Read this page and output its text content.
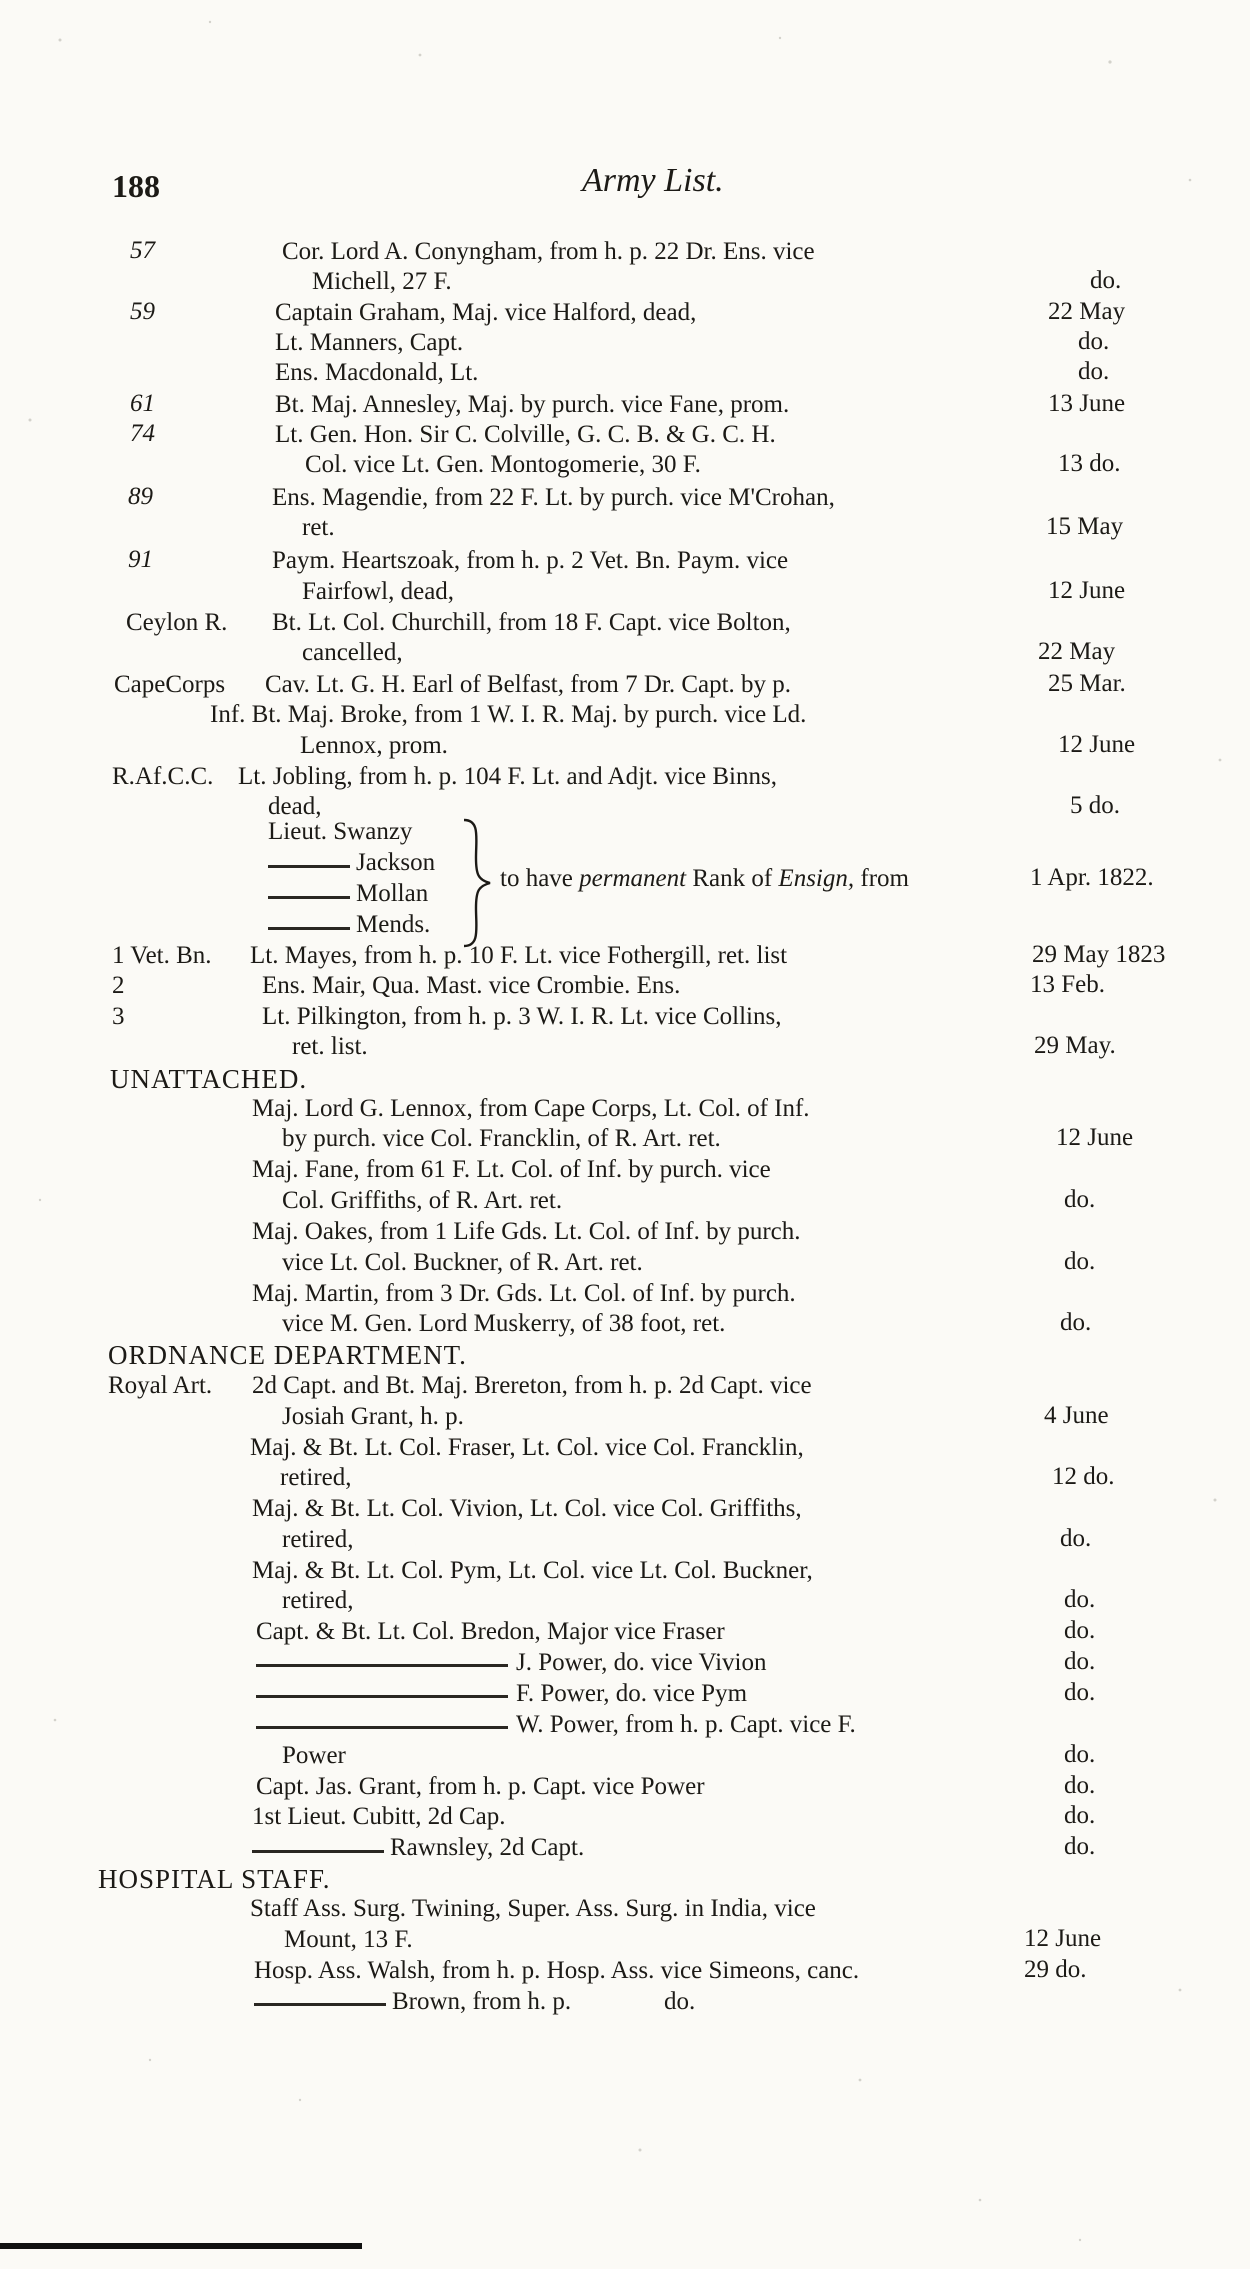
188	Army List.
57	Cor. Lord A. Conyngham, from h. p. 22 Dr. Ens. vice
Michell, 27 F.	do.
59	Captain Graham, Maj. vice Halford, dead,	22 May
Lt. Manners, Capt.	do.
Ens. Macdonald, Lt.	do.
61	Bt. Maj. Annesley, Maj. by purch. vice Fane, prom.	13 June
74	Lt. Gen. Hon. Sir C. Colville, G. C. B. & G. C. H.
Col. vice Lt. Gen. Montogomerie, 30 F.	13 do.
89	Ens. Magendie, from 22 F. Lt. by purch. vice M'Crohan,
ret.	15 May
91	Paym. Heartszoak, from h. p. 2 Vet. Bn. Paym. vice
Fairfowl, dead,	12 June
Ceylon R. Bt. Lt. Col. Churchill, from 18 F. Capt. vice Bolton,
cancelled,	22 May
CapeCorps Cav. Lt. G. H. Earl of Belfast, from 7 Dr. Capt. by p.	25 Mar.
Inf. Bt. Maj. Broke, from 1 W. I. R. Maj. by purch. vice Ld.
Lennox, prom.	12 June
R.Af.C.C. Lt. Jobling, from h. p. 104 F. Lt. and Adjt. vice Binns,
dead,	5 do.
Lieut. Swanzy
Jackson
Mollan
Mends.
to have permanent Rank of Ensign, from	1 Apr. 1822.
1 Vet. Bn. Lt. Mayes, from h. p. 10 F. Lt. vice Fothergill, ret. list	29 May 1823
2	Ens. Mair, Qua. Mast. vice Crombie. Ens.	13 Feb.
3	Lt. Pilkington, from h. p. 3 W. I. R. Lt. vice Collins,
ret. list.	29 May.
UNATTACHED.
Maj. Lord G. Lennox, from Cape Corps, Lt. Col. of Inf.
by purch. vice Col. Francklin, of R. Art. ret.	12 June
Maj. Fane, from 61 F. Lt. Col. of Inf. by purch. vice
Col. Griffiths, of R. Art. ret.	do.
Maj. Oakes, from 1 Life Gds. Lt. Col. of Inf. by purch.
vice Lt. Col. Buckner, of R. Art. ret.	do.
Maj. Martin, from 3 Dr. Gds. Lt. Col. of Inf. by purch.
vice M. Gen. Lord Muskerry, of 38 foot, ret.	do.
ORDNANCE DEPARTMENT.
Royal Art. 2d Capt. and Bt. Maj. Brereton, from h. p. 2d Capt. vice
Josiah Grant, h. p.	4 June
Maj. & Bt. Lt. Col. Fraser, Lt. Col. vice Col. Francklin,
retired,	12 do.
Maj. & Bt. Lt. Col. Vivion, Lt. Col. vice Col. Griffiths,
retired,	do.
Maj. & Bt. Lt. Col. Pym, Lt. Col. vice Lt. Col. Buckner,
retired,	do.
Capt. & Bt. Lt. Col. Bredon, Major vice Fraser	do.
J. Power, do. vice Vivion	do.
F. Power, do. vice Pym	do.
W. Power, from h. p. Capt. vice F.
Power	do.
Capt. Jas. Grant, from h. p. Capt. vice Power	do.
1st Lieut. Cubitt, 2d Cap.	do.
Rawnsley, 2d Capt.	do.
HOSPITAL STAFF.
Staff Ass. Surg. Twining, Super. Ass. Surg. in India, vice
Mount, 13 F.	12 June
Hosp. Ass. Walsh, from h. p. Hosp. Ass. vice Simeons, canc.	29 do.
Brown, from h. p.	do.
